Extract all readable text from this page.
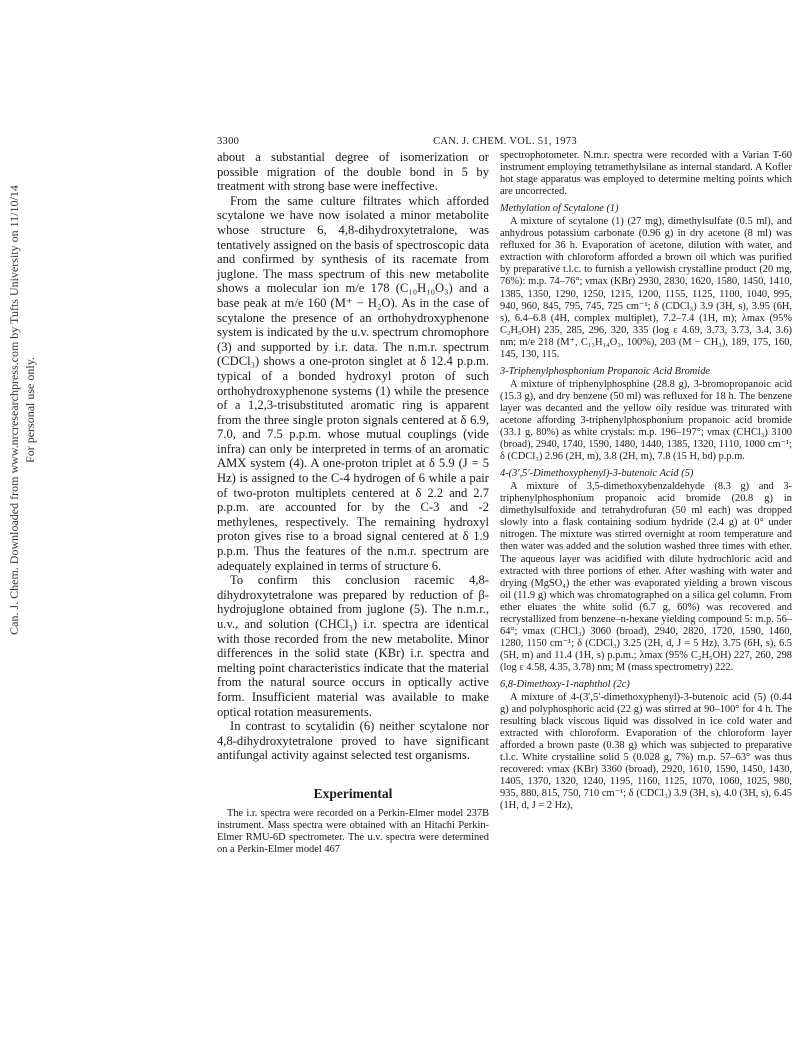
Can. J. Chem. Downloaded from www.nrcresearchpress.com by Tufts University on 11/10/14 For personal use only.
3300	CAN. J. CHEM. VOL. 51, 1973

about a substantial degree of isomerization or possible migration of the double bond in 5 by treatment with strong base were ineffective.

From the same culture filtrates which afforded scytalone we have now isolated a minor metabolite whose structure 6, 4,8-dihydroxytetralone, was tentatively assigned on the basis of spectroscopic data and confirmed by synthesis of its racemate from juglone. The mass spectrum of this new metabolite shows a molecular ion m/e 178 (C₁₀H₁₀O₃) and a base peak at m/e 160 (M⁺ − H₂O). As in the case of scytalone the presence of an orthohydroxyphenone system is indicated by the u.v. spectrum chromophore (3) and supported by i.r. data. The n.m.r. spectrum (CDCl₃) shows a one-proton singlet at δ 12.4 p.p.m. typical of a bonded hydroxyl proton of such orthohydroxyphenone systems (1) while the presence of a 1,2,3-trisubstituted aromatic ring is apparent from the three single proton signals centered at δ 6.9, 7.0, and 7.5 p.p.m. whose mutual couplings (vide infra) can only be interpreted in terms of an aromatic AMX system (4). A one-proton triplet at δ 5.9 (J = 5 Hz) is assigned to the C-4 hydrogen of 6 while a pair of two-proton multiplets centered at δ 2.2 and 2.7 p.p.m. are accounted for by the C-3 and -2 methylenes, respectively. The remaining hydroxyl proton gives rise to a broad signal centered at δ 1.9 p.p.m. Thus the features of the n.m.r. spectrum are adequately explained in terms of structure 6.

To confirm this conclusion racemic 4,8-dihydroxytetralone was prepared by reduction of β-hydrojuglone obtained from juglone (5). The n.m.r., u.v., and solution (CHCl₃) i.r. spectra are identical with those recorded from the new metabolite. Minor differences in the solid state (KBr) i.r. spectra and melting point characteristics indicate that the material from the natural source occurs in optically active form. Insufficient material was available to make optical rotation measurements.

In contrast to scytalidin (6) neither scytalone nor 4,8-dihydroxytetralone proved to have significant antifungal activity against selected test organisms.

Experimental

The i.r. spectra were recorded on a Perkin-Elmer model 237B instrument. Mass spectra were obtained with an Hitachi Perkin-Elmer RMU-6D spectrometer. The u.v. spectra were determined on a Perkin-Elmer model 467

spectrophotometer. N.m.r. spectra were recorded with a Varian T-60 instrument employing tetramethylsilane as internal standard. A Kofler hot stage apparatus was employed to determine melting points which are uncorrected.

Methylation of Scytalone (1)

A mixture of scytalone (1) (27 mg), dimethylsulfate (0.5 ml), and anhydrous potassium carbonate (0.96 g) in dry acetone (8 ml) was refluxed for 36 h. Evaporation of acetone, dilution with water, and extraction with chloroform afforded a brown oil which was purified by preparative t.l.c. to furnish a yellowish crystalline product (20 mg, 76%): m.p. 74–76°; νmax (KBr) 2930, 2830, 1620, 1580, 1450, 1410, 1385, 1350, 1290, 1250, 1215, 1200, 1155, 1125, 1100, 1040, 995, 940, 960, 845, 795, 745, 725 cm⁻¹; δ (CDCl₃) 3.9 (3H, s), 3.95 (6H, s), 6.4–6.8 (4H, complex multiplet), 7.2–7.4 (1H, m); λmax (95% C₂H₅OH) 235, 285, 296, 320, 335 (log ε 4.69, 3.73, 3.73, 3.4, 3.6) nm; m/e 218 (M⁺, C₁₃H₁₄O₃, 100%), 203 (M − CH₃), 189, 175, 160, 145, 130, 115.

3-Triphenylphosphonium Propanoic Acid Bromide

A mixture of triphenylphosphine (28.8 g), 3-bromopropanoic acid (15.3 g), and dry benzene (50 ml) was refluxed for 18 h. The benzene layer was decanted and the yellow oily residue was triturated with acetone affording 3-triphenylphosphonium propanoic acid bromide (33.1 g, 80%) as white crystals: m.p. 196–197°; νmax (CHCl₃) 3100 (broad), 2940, 1740, 1590, 1480, 1440, 1385, 1320, 1110, 1000 cm⁻¹; δ (CDCl₃) 2.96 (2H, m), 3.8 (2H, m), 7.8 (15 H, bd) p.p.m.

4-(3′,5′-Dimethoxyphenyl)-3-butenoic Acid (5)

A mixture of 3,5-dimethoxybenzaldehyde (8.3 g) and 3-triphenylphosphonium propanoic acid bromide (20.8 g) in dimethylsulfoxide and tetrahydrofuran (50 ml each) was dropped slowly into a flask containing sodium hydride (2.4 g) at 0° under nitrogen. The mixture was stirred overnight at room temperature and then water was added and the solution washed three times with ether. The aqueous layer was acidified with dilute hydrochloric acid and extracted with three portions of ether. After washing with water and drying (MgSO₄) the ether was evaporated yielding a brown viscous oil (11.9 g) which was chromatographed on a silica gel column. From ether eluates the white solid (6.7 g, 60%) was recovered and recrystallized from benzene–n-hexane yielding compound 5: m.p. 56–64°; νmax (CHCl₃) 3060 (broad), 2940, 2820, 1720, 1590, 1460, 1280, 1150 cm⁻¹; δ (CDCl₃) 3.25 (2H, d, J = 5 Hz), 3.75 (6H, s), 6.5 (5H, m) and 11.4 (1H, s) p.p.m.; λmax (95% C₂H₅OH) 227, 260, 298 (log ε 4.58, 4.35, 3.78) nm; M (mass spectrometry) 222.

6,8-Dimethoxy-1-naphthol (2c)

A mixture of 4-(3′,5′-dimethoxyphenyl)-3-butenoic acid (5) (0.44 g) and polyphosphoric acid (22 g) was stirred at 90–100° for 4 h. The resulting black viscous liquid was dissolved in ice cold water and extracted with chloroform. Evaporation of the chloroform layer afforded a brown paste (0.38 g) which was subjected to preparative t.l.c. White crystalline solid 5 (0.028 g, 7%) m.p. 57–63° was thus recovered: νmax (KBr) 3360 (broad), 2920, 1610, 1590, 1450, 1430, 1405, 1370, 1320, 1240, 1195, 1160, 1125, 1070, 1060, 1025, 980, 935, 880, 815, 750, 710 cm⁻¹; δ (CDCl₃) 3.9 (3H, s), 4.0 (3H, s), 6.45 (1H, d, J = 2 Hz),
